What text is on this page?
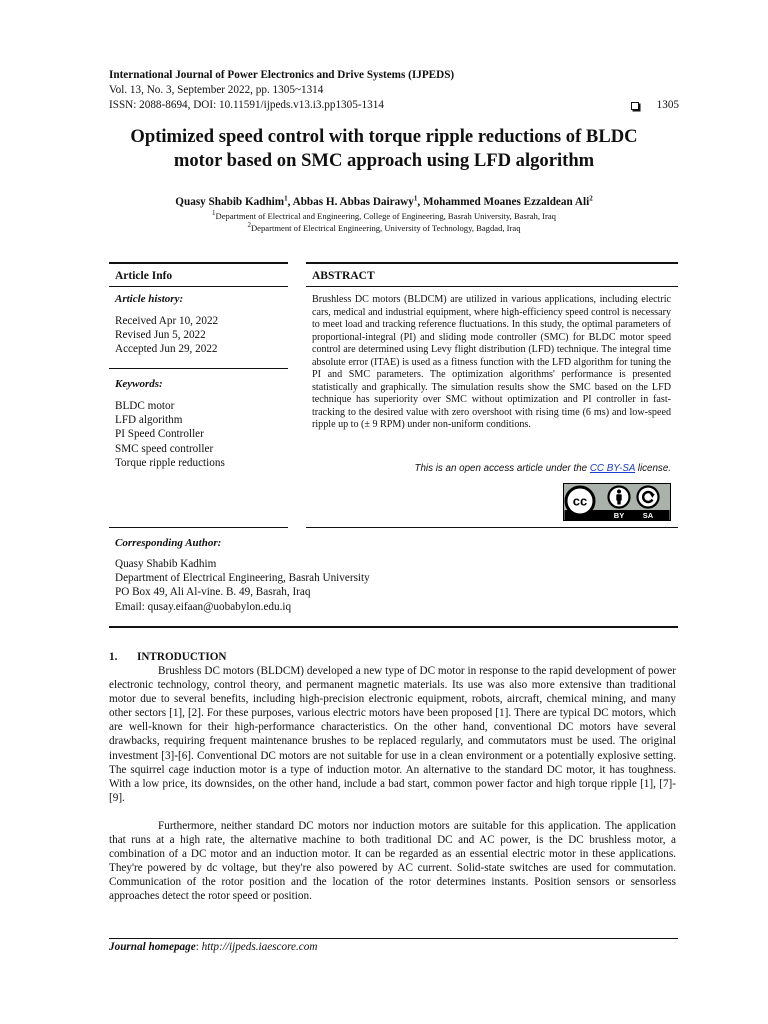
International Journal of Power Electronics and Drive Systems (IJPEDS)
Vol. 13, No. 3, September 2022, pp. 1305~1314
ISSN: 2088-8694, DOI: 10.11591/ijpeds.v13.i3.pp1305-1314	1305
Optimized speed control with torque ripple reductions of BLDC
motor based on SMC approach using LFD algorithm
Quasy Shabib Kadhim$^1$, Abbas H. Abbas Dairawy$^1$, Mohammed Moanes Ezzaldean Ali$^2$
$^1$Department of Electrical and Engineering, College of Engineering, Basrah University, Basrah, Iraq
$^2$Department of Electrical Engineering, University of Technology, Bagdad, Iraq
Article Info
Article history:
Received Apr 10, 2022
Revised Jun 5, 2022
Accepted Jun 29, 2022
Keywords:
BLDC motor
LFD algorithm
PI Speed Controller
SMC speed controller
Torque ripple reductions
ABSTRACT
Brushless DC motors (BLDCM) are utilized in various applications, including electric cars, medical and industrial equipment, where high-efficiency speed control is necessary to meet load and tracking reference fluctuations. In this study, the optimal parameters of proportional-integral (PI) and sliding mode controller (SMC) for BLDC motor speed control are determined using Levy flight distribution (LFD) technique. The integral time absolute error (ITAE) is used as a fitness function with the LFD algorithm for tuning the PI and SMC parameters. The optimization algorithms' performance is presented statistically and graphically. The simulation results show the SMC based on the LFD technique has superiority over SMC without optimization and PI controller in fast-tracking to the desired value with zero overshoot with rising time (6 ms) and low-speed ripple up to (± 9 RPM) under non-uniform conditions.
This is an open access article under the CC BY-SA license.
cc
BY SA
Corresponding Author:
Quasy Shabib Kadhim
Department of Electrical Engineering, Basrah University
PO Box 49, Ali Al-vine. B. 49, Basrah, Iraq
Email: qusay.eifaan@uobabylon.edu.iq
1. INTRODUCTION
Brushless DC motors (BLDCM) developed a new type of DC motor in response to the rapid development of power electronic technology, control theory, and permanent magnetic materials. Its use was also more extensive than traditional motor due to several benefits, including high-precision electronic equipment, robots, aircraft, chemical mining, and many other sectors [1], [2]. For these purposes, various electric motors have been proposed [1]. There are typical DC motors, which are well-known for their high-performance characteristics. On the other hand, conventional DC motors have several drawbacks, requiring frequent maintenance brushes to be replaced regularly, and commutators must be used. The original investment [3]-[6]. Conventional DC motors are not suitable for use in a clean environment or a potentially explosive setting. The squirrel cage induction motor is a type of induction motor. An alternative to the standard DC motor, it has toughness. With a low price, its downsides, on the other hand, include a bad start, common power factor and high torque ripple [1], [7]-[9].
Furthermore, neither standard DC motors nor induction motors are suitable for this application. The application that runs at a high rate, the alternative machine to both traditional DC and AC power, is the DC brushless motor, a combination of a DC motor and an induction motor. It can be regarded as an essential electric motor in these applications. They're powered by dc voltage, but they're also powered by AC current. Solid-state switches are used for commutation. Communication of the rotor position and the location of the rotor determines instants. Position sensors or sensorless approaches detect the rotor speed or position.
Journal homepage: http://ijpeds.iaescore.com
